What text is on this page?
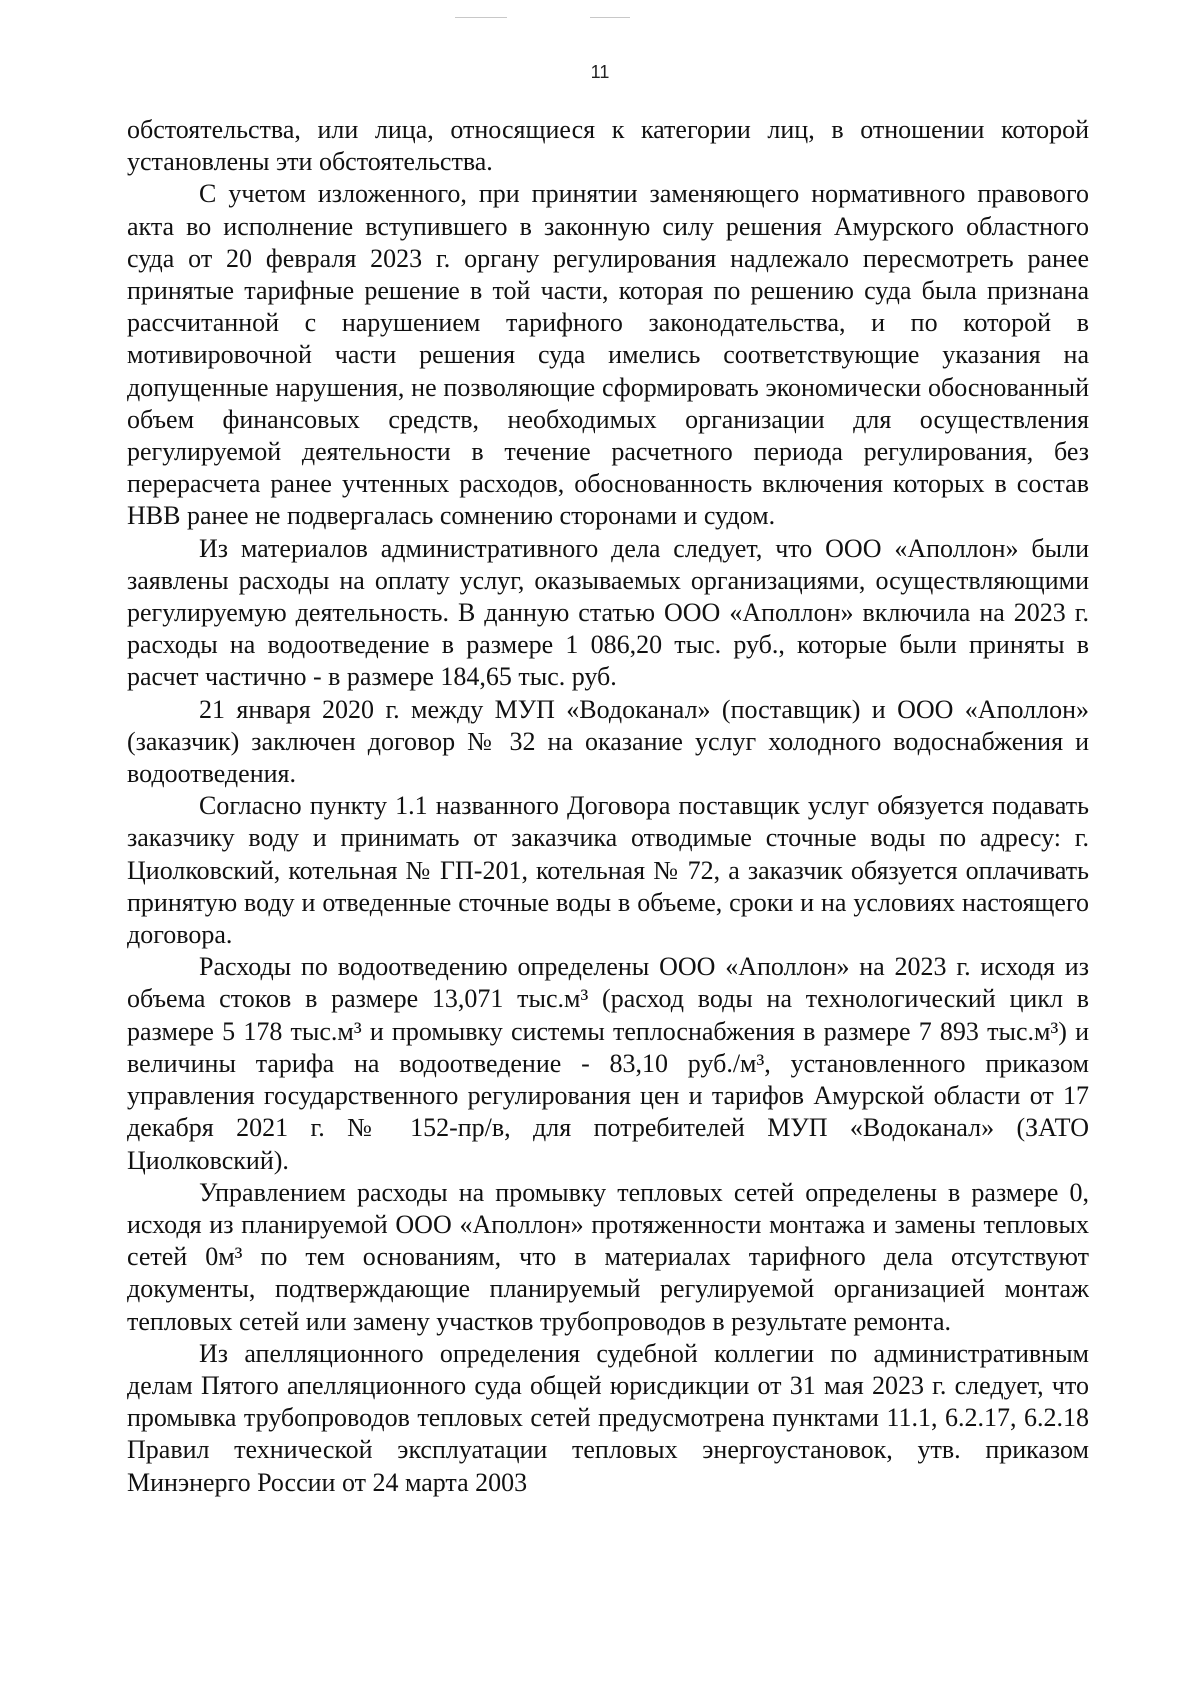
11

обстоятельства, или лица, относящиеся к категории лиц, в отношении которой установлены эти обстоятельства.

С учетом изложенного, при принятии заменяющего нормативного правового акта во исполнение вступившего в законную силу решения Амурского областного суда от 20 февраля 2023 г. органу регулирования надлежало пересмотреть ранее принятые тарифные решение в той части, которая по решению суда была признана рассчитанной с нарушением тарифного законодательства, и по которой в мотивировочной части решения суда имелись соответствующие указания на допущенные нарушения, не позволяющие сформировать экономически обоснованный объем финансовых средств, необходимых организации для осуществления регулируемой деятельности в течение расчетного периода регулирования, без перерасчета ранее учтенных расходов, обоснованность включения которых в состав НВВ ранее не подвергалась сомнению сторонами и судом.

Из материалов административного дела следует, что ООО «Аполлон» были заявлены расходы на оплату услуг, оказываемых организациями, осуществляющими регулируемую деятельность. В данную статью ООО «Аполлон» включила на 2023 г. расходы на водоотведение в размере 1 086,20 тыс. руб., которые были приняты в расчет частично - в размере 184,65 тыс. руб.

21 января 2020 г. между МУП «Водоканал» (поставщик) и ООО «Аполлон» (заказчик) заключен договор № 32 на оказание услуг холодного водоснабжения и водоотведения.

Согласно пункту 1.1 названного Договора поставщик услуг обязуется подавать заказчику воду и принимать от заказчика отводимые сточные воды по адресу: г. Циолковский, котельная № ГП-201, котельная № 72, а заказчик обязуется оплачивать принятую воду и отведенные сточные воды в объеме, сроки и на условиях настоящего договора.

Расходы по водоотведению определены ООО «Аполлон» на 2023 г. исходя из объема стоков в размере 13,071 тыс.м³ (расход воды на технологический цикл в размере 5 178 тыс.м³ и промывку системы теплоснабжения в размере 7 893 тыс.м³) и величины тарифа на водоотведение - 83,10 руб./м³, установленного приказом управления государственного регулирования цен и тарифов Амурской области от 17 декабря 2021 г. № 152-пр/в, для потребителей МУП «Водоканал» (ЗАТО Циолковский).

Управлением расходы на промывку тепловых сетей определены в размере 0, исходя из планируемой ООО «Аполлон» протяженности монтажа и замены тепловых сетей 0м³ по тем основаниям, что в материалах тарифного дела отсутствуют документы, подтверждающие планируемый регулируемой организацией монтаж тепловых сетей или замену участков трубопроводов в результате ремонта.

Из апелляционного определения судебной коллегии по административным делам Пятого апелляционного суда общей юрисдикции от 31 мая 2023 г. следует, что промывка трубопроводов тепловых сетей предусмотрена пунктами 11.1, 6.2.17, 6.2.18 Правил технической эксплуатации тепловых энергоустановок, утв. приказом Минэнерго России от 24 марта 2003
